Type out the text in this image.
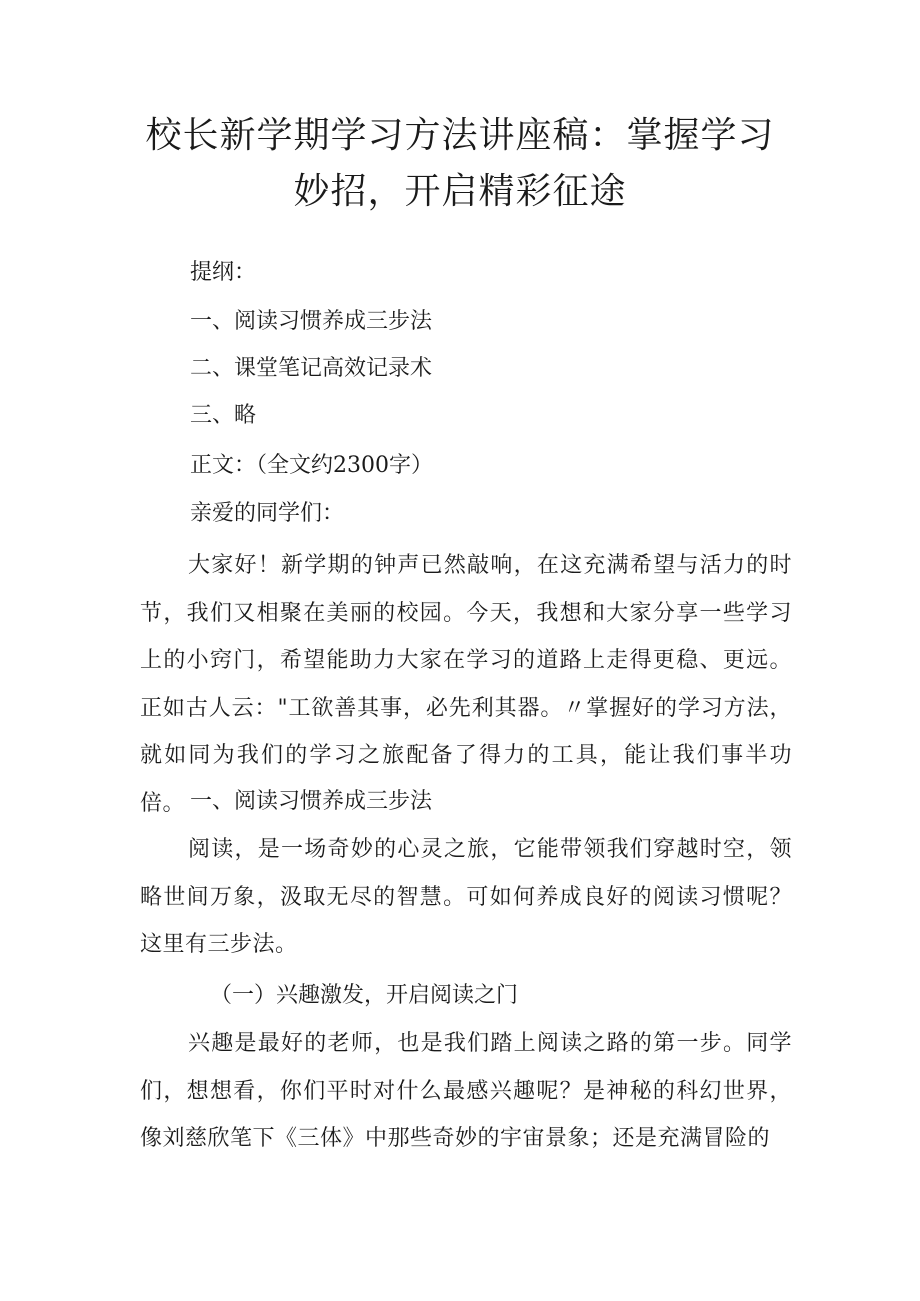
校长新学期学习方法讲座稿：掌握学习妙招，开启精彩征途

提纲：

一、阅读习惯养成三步法

二、课堂笔记高效记录术

三、略

正文：（全文约2300字）

亲爱的同学们：

大家好！新学期的钟声已然敲响，在这充满希望与活力的时节，我们又相聚在美丽的校园。今天，我想和大家分享一些学习上的小窍门，希望能助力大家在学习的道路上走得更稳、更远。正如古人云："工欲善其事，必先利其器。〃掌握好的学习方法，就如同为我们的学习之旅配备了得力的工具，能让我们事半功倍。 一、阅读习惯养成三步法

阅读，是一场奇妙的心灵之旅，它能带领我们穿越时空，领略世间万象，汲取无尽的智慧。可如何养成良好的阅读习惯呢？这里有三步法。

（一）兴趣激发，开启阅读之门

兴趣是最好的老师，也是我们踏上阅读之路的第一步。同学们，想想看，你们平时对什么最感兴趣呢？是神秘的科幻世界，像刘慈欣笔下《三体》中那些奇妙的宇宙景象；还是充满冒险的
